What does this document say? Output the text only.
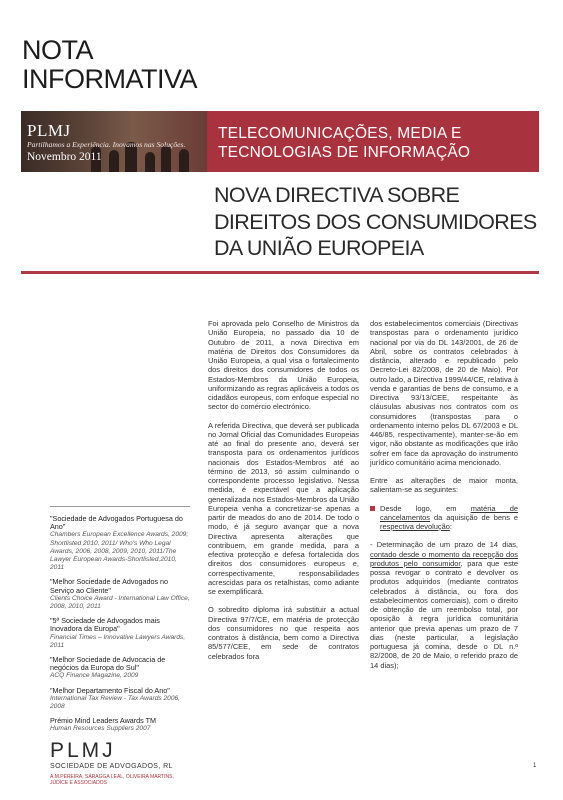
NOTA
INFORMATIVA
PLMJ
Partilhamos a Experiência. Inovamos nas Soluções.
Novembro 2011
TELECOMUNICAÇÕES, MEDIA E
TECNOLOGIAS DE INFORMAÇÃO
NOVA DIRECTIVA SOBRE
DIREITOS DOS CONSUMIDORES
DA UNIÃO EUROPEIA
"Sociedade de Advogados Portuguesa do Ano"
Chambers European Excellence Awards, 2009; Shortlisted 2010, 2011/ Who's Who Legal Awards, 2006, 2008, 2009, 2010, 2011/The Lawyer European Awards-Shortlisted,2010, 2011
"Melhor Sociedade de Advogados no Serviço ao Cliente"
Clients Choice Award - International Law Office, 2008, 2010, 2011
"5ª Sociedade de Advogados mais Inovadora da Europa"
Financial Times – Innovative Lawyers Awards, 2011
"Melhor Sociedade de Advocacia de negócios da Europa do Sul"
ACQ Finance Magazine, 2009
"Melhor Departamento Fiscal do Ano"
International Tax Review - Tax Awards 2006, 2008
Prémio Mind Leaders Awards TM
Human Resources Suppliers 2007
PLMJ
SOCIEDADE DE ADVOGADOS, RL
A.M.PEREIRA, SÁRAGGA LEAL, OLIVEIRA MARTINS, JÚDICE E ASSOCIADOS

Foi aprovada pelo Conselho de Ministros da União Europeia, no passado dia 10 de Outubro de 2011, a nova Directiva em matéria de Direitos dos Consumidores da União Europeia, a qual visa o fortalecimento dos direitos dos consumidores de todos os Estados-Membros da União Europeia, uniformizando as regras aplicáveis a todos os cidadãos europeus, com enfoque especial no sector do comércio electrónico.

A referida Directiva, que deverá ser publicada no Jornal Oficial das Comunidades Europeias até ao final do presente ano, deverá ser transposta para os ordenamentos jurídicos nacionais dos Estados-Membros até ao término de 2013, só assim culminando o correspondente processo legislativo. Nessa medida, é expectável que a aplicação generalizada nos Estados-Membros da União Europeia venha a concretizar-se apenas a partir de meados do ano de 2014. De todo o modo, é já seguro avançar que a nova Directiva apresenta alterações que contribuem, em grande medida, para a efectiva protecção e defesa fortalecida dos direitos dos consumidores europeus e, correspectivamente, responsabilidades acrescidas para os retalhistas, como adiante se exemplificará.

O sobredito diploma irá substituir a actual Directiva 97/7/CE, em matéria de protecção dos consumidores no que respeita aos contratos à distância, bem como a Directiva 85/577/CEE, em sede de contratos celebrados fora

dos estabelecimentos comerciais (Directivas transpostas para o ordenamento jurídico nacional por via do DL 143/2001, de 26 de Abril, sobre os contratos celebrados à distância, alterado e republicado pelo Decreto-Lei 82/2008, de 20 de Maio). Por outro lado, a Directiva 1999/44/CE, relativa à venda e garantias de bens de consumo, e a Directiva 93/13/CEE, respeitante às cláusulas abusivas nos contratos com os consumidores (transpostas para o ordenamento interno pelos DL 67/2003 e DL 446/85, respectivamente), manter-se-ão em vigor, não obstante as modificações que irão sofrer em face da aprovação do instrumento jurídico comunitário acima mencionado.

Entre as alterações de maior monta, salientam-se as seguintes:

Desde logo, em matéria de cancelamentos da aquisição de bens e respectiva devolução:

- Determinação de um prazo de 14 dias, contado desde o momento da recepção dos produtos pelo consumidor, para que este possa revogar o contrato e devolver os produtos adquiridos (mediante contratos celebrados à distância, ou fora dos estabelecimentos comerciais), com o direito de obtenção de um reembolso total, por oposição à regra jurídica comunitária anterior que previa apenas um prazo de 7 dias (neste particular, a legislação portuguesa já comina, desde o DL n.º 82/2008, de 20 de Maio, o referido prazo de 14 dias);

1
